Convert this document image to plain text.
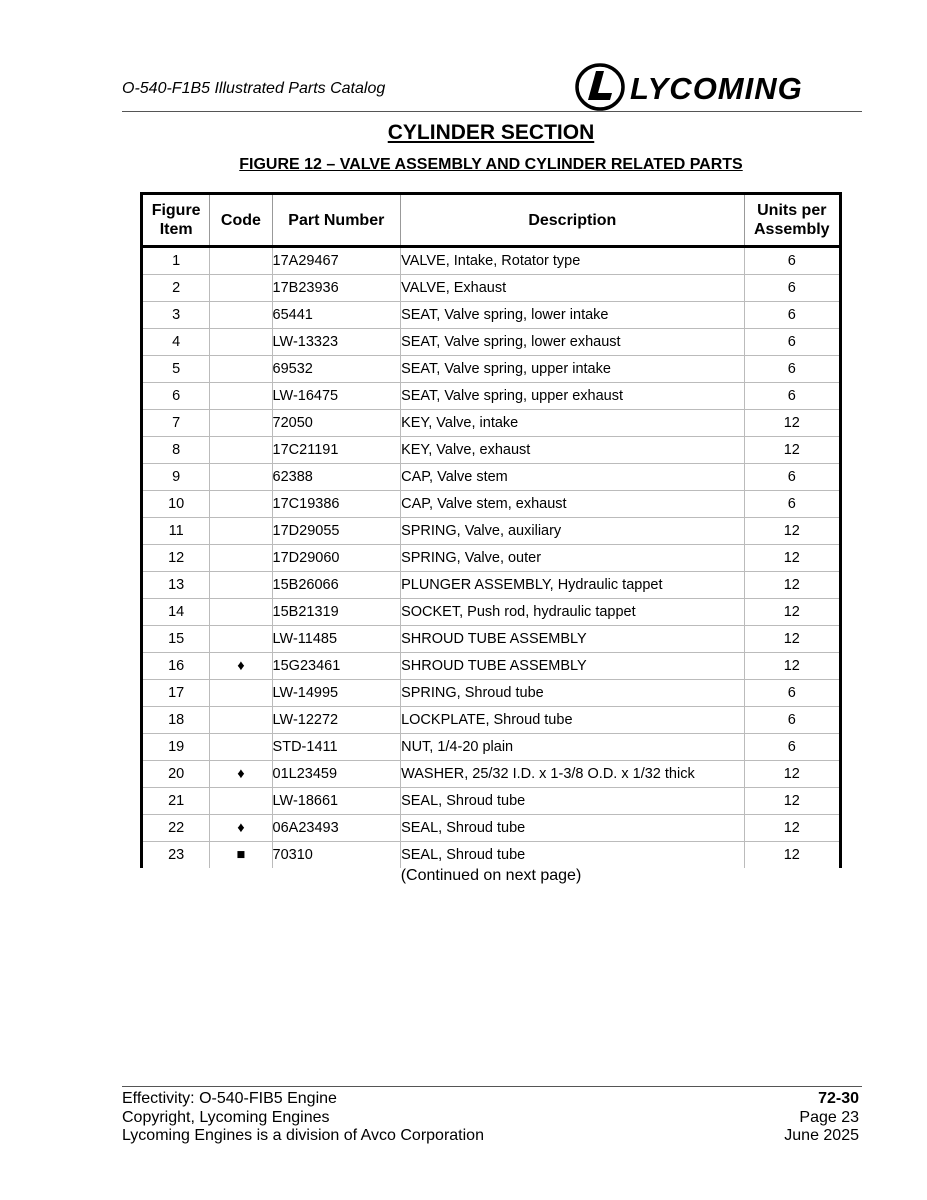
O-540-F1B5 Illustrated Parts Catalog	LYCOMING
CYLINDER SECTION
FIGURE 12 – VALVE ASSEMBLY AND CYLINDER RELATED PARTS
Figure Item	Code	Part Number	Description	Units per Assembly
1		17A29467	VALVE, Intake, Rotator type	6
2		17B23936	VALVE, Exhaust	6
3		65441	SEAT, Valve spring, lower intake	6
4		LW-13323	SEAT, Valve spring, lower exhaust	6
5		69532	SEAT, Valve spring, upper intake	6
6		LW-16475	SEAT, Valve spring, upper exhaust	6
7		72050	KEY, Valve, intake	12
8		17C21191	KEY, Valve, exhaust	12
9		62388	CAP, Valve stem	6
10		17C19386	CAP, Valve stem, exhaust	6
11		17D29055	SPRING, Valve, auxiliary	12
12		17D29060	SPRING, Valve, outer	12
13		15B26066	PLUNGER ASSEMBLY, Hydraulic tappet	12
14		15B21319	SOCKET, Push rod, hydraulic tappet	12
15		LW-11485	SHROUD TUBE ASSEMBLY	12
16	♦	15G23461	SHROUD TUBE ASSEMBLY	12
17		LW-14995	SPRING, Shroud tube	6
18		LW-12272	LOCKPLATE, Shroud tube	6
19		STD-1411	NUT, 1/4-20 plain	6
20	♦	01L23459	WASHER, 25/32 I.D. x 1-3/8 O.D. x 1/32 thick	12
21		LW-18661	SEAL, Shroud tube	12
22	♦	06A23493	SEAL, Shroud tube	12
23	■	70310	SEAL, Shroud tube	12
(Continued on next page)
Effectivity: O-540-FIB5 Engine
Copyright, Lycoming Engines
Lycoming Engines is a division of Avco Corporation
72-30
Page 23
June 2025
